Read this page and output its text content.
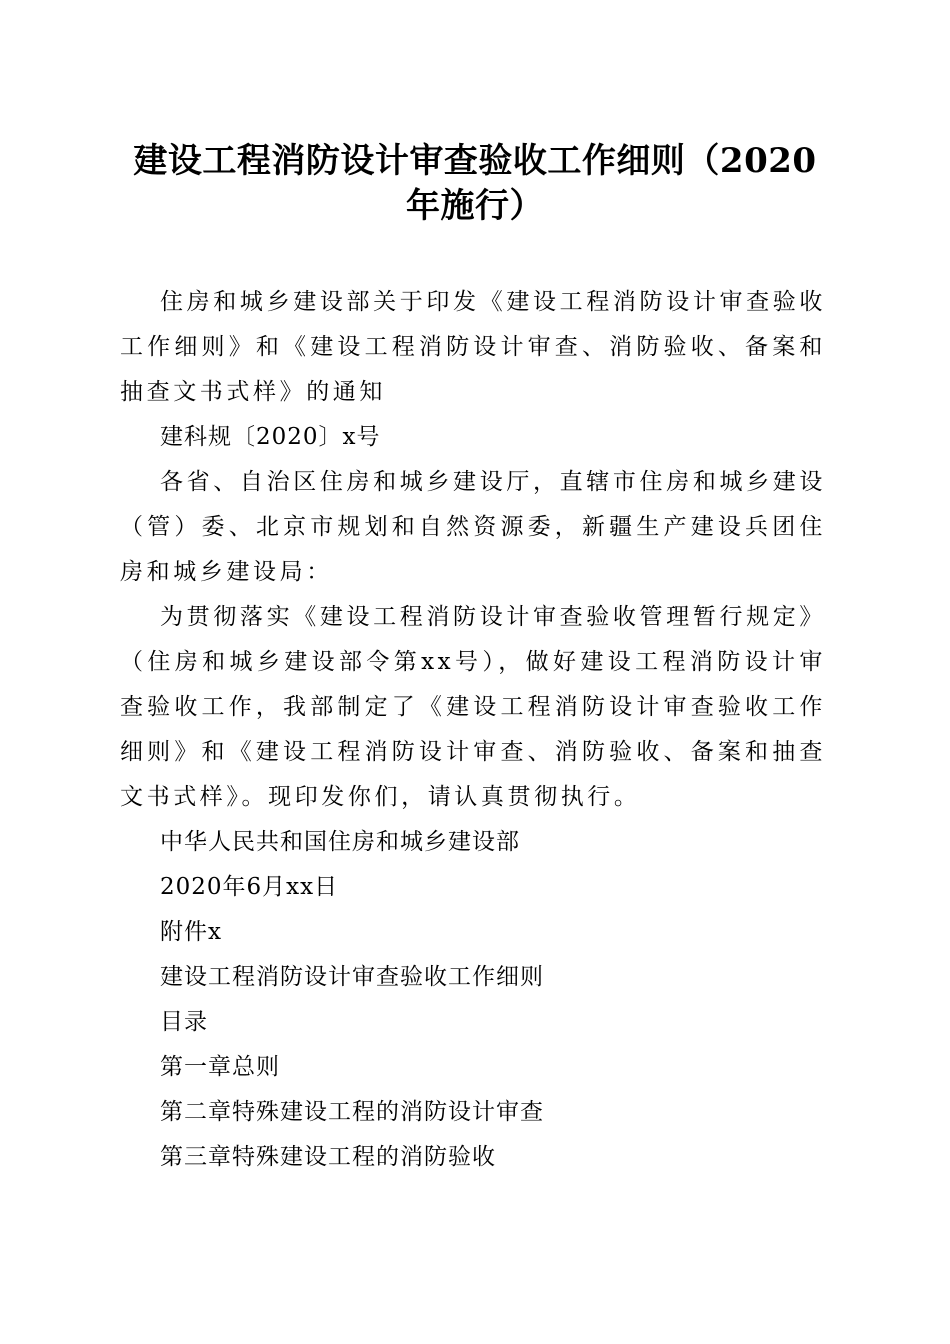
建设工程消防设计审查验收工作细则（2020
年施行）

住房和城乡建设部关于印发《建设工程消防设计审查验收工作细则》和《建设工程消防设计审查、消防验收、备案和抽查文书式样》的通知

建科规〔2020〕x号

各省、自治区住房和城乡建设厅，直辖市住房和城乡建设（管）委、北京市规划和自然资源委，新疆生产建设兵团住房和城乡建设局：

为贯彻落实《建设工程消防设计审查验收管理暂行规定》（住房和城乡建设部令第xx号），做好建设工程消防设计审查验收工作，我部制定了《建设工程消防设计审查验收工作细则》和《建设工程消防设计审查、消防验收、备案和抽查文书式样》。现印发你们，请认真贯彻执行。

中华人民共和国住房和城乡建设部

2020年6月xx日

附件x

建设工程消防设计审查验收工作细则

目录

第一章总则

第二章特殊建设工程的消防设计审查

第三章特殊建设工程的消防验收
